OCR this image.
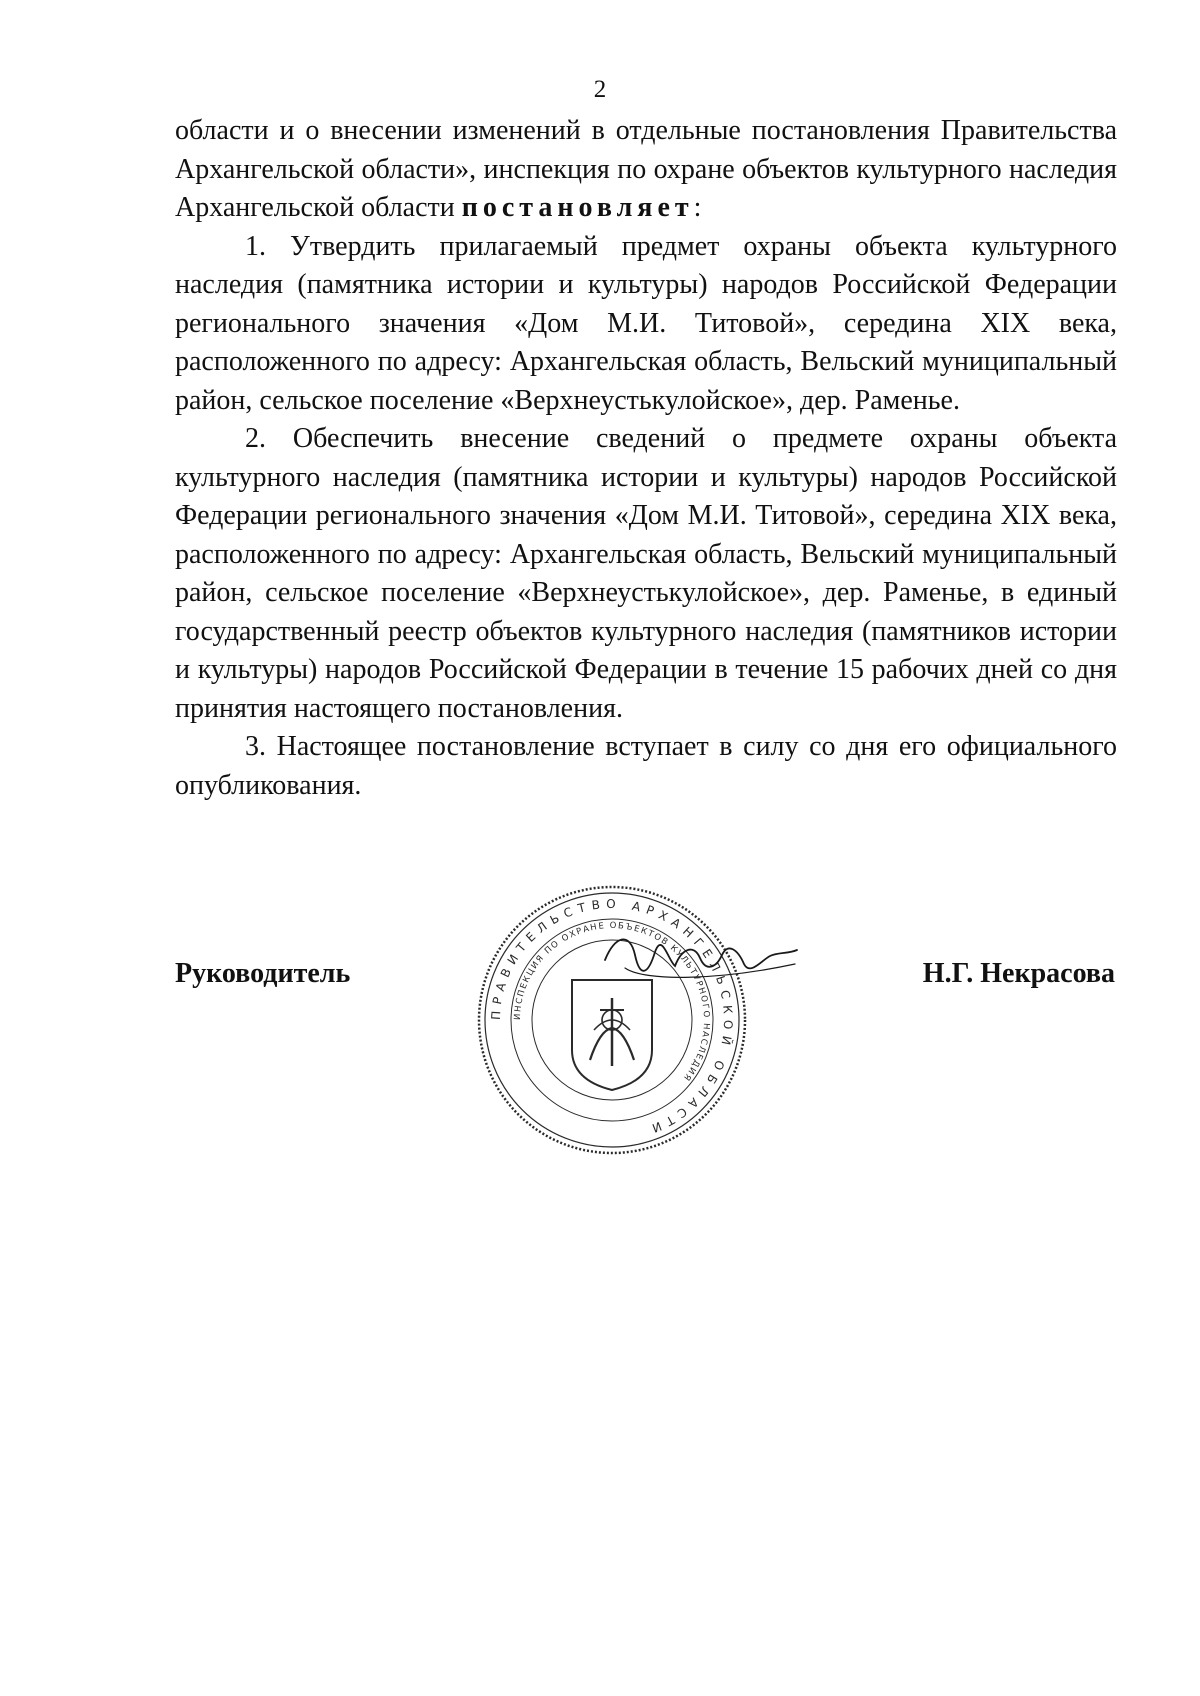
2

области и о внесении изменений в отдельные постановления Правительства Архангельской области», инспекция по охране объектов культурного наследия Архангельской области постановляет:

1. Утвердить прилагаемый предмет охраны объекта культурного наследия (памятника истории и культуры) народов Российской Федерации регионального значения «Дом М.И. Титовой», середина XIX века, расположенного по адресу: Архангельская область, Вельский муниципальный район, сельское поселение «Верхнеустькулойское», дер. Раменье.

2. Обеспечить внесение сведений о предмете охраны объекта культурного наследия (памятника истории и культуры) народов Российской Федерации регионального значения «Дом М.И. Титовой», середина XIX века, расположенного по адресу: Архангельская область, Вельский муниципальный район, сельское поселение «Верхнеустькулойское», дер. Раменье, в единый государственный реестр объектов культурного наследия (памятников истории и культуры) народов Российской Федерации в течение 15 рабочих дней со дня принятия настоящего постановления.

3. Настоящее постановление вступает в силу со дня его официального опубликования.

Руководитель
ПРАВИТЕЛЬСТВО АРХАНГЕЛЬСКОЙ ОБЛАСТИ
ИНСПЕКЦИЯ ПО ОХРАНЕ ОБЪЕКТОВ КУЛЬТУРНОГО НАСЛЕДИЯ
Н.Г. Некрасова
